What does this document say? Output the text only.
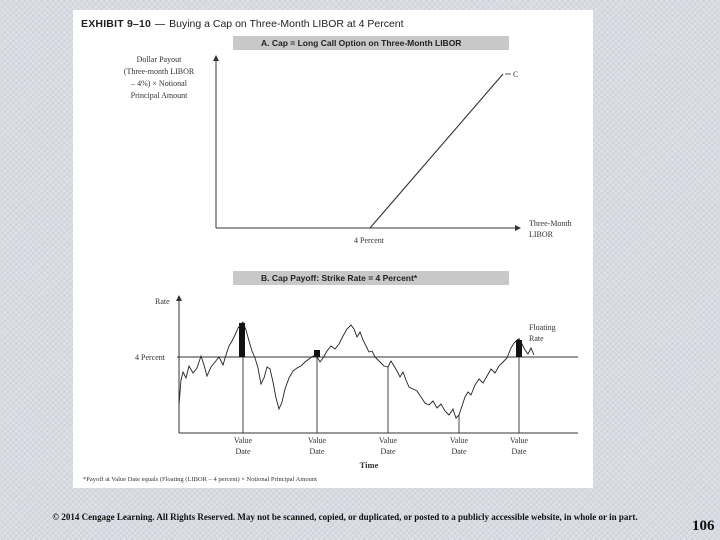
EXHIBIT 9–10 Buying a Cap on Three-Month LIBOR at 4 Percent
A. Cap = Long Call Option on Three-Month LIBOR
B. Cap Payoff: Strike Rate = 4 Percent*
Dollar Payout
(Three-month LIBOR
– 4%) × Notional
Principal Amount
C
4 Percent
Three-Month
LIBOR
Rate
4 Percent
Floating
Rate
Value
Date
Value
Date
Value
Date
Value
Date
Value
Date
Time
*Payoff at Value Date equals (Floating (LIBOR – 4 percent) × Notional Principal Amount
© 2014 Cengage Learning. All Rights Reserved. May not be scanned, copied, or duplicated, or posted to a publicly accessible website, in whole or in part.
106
